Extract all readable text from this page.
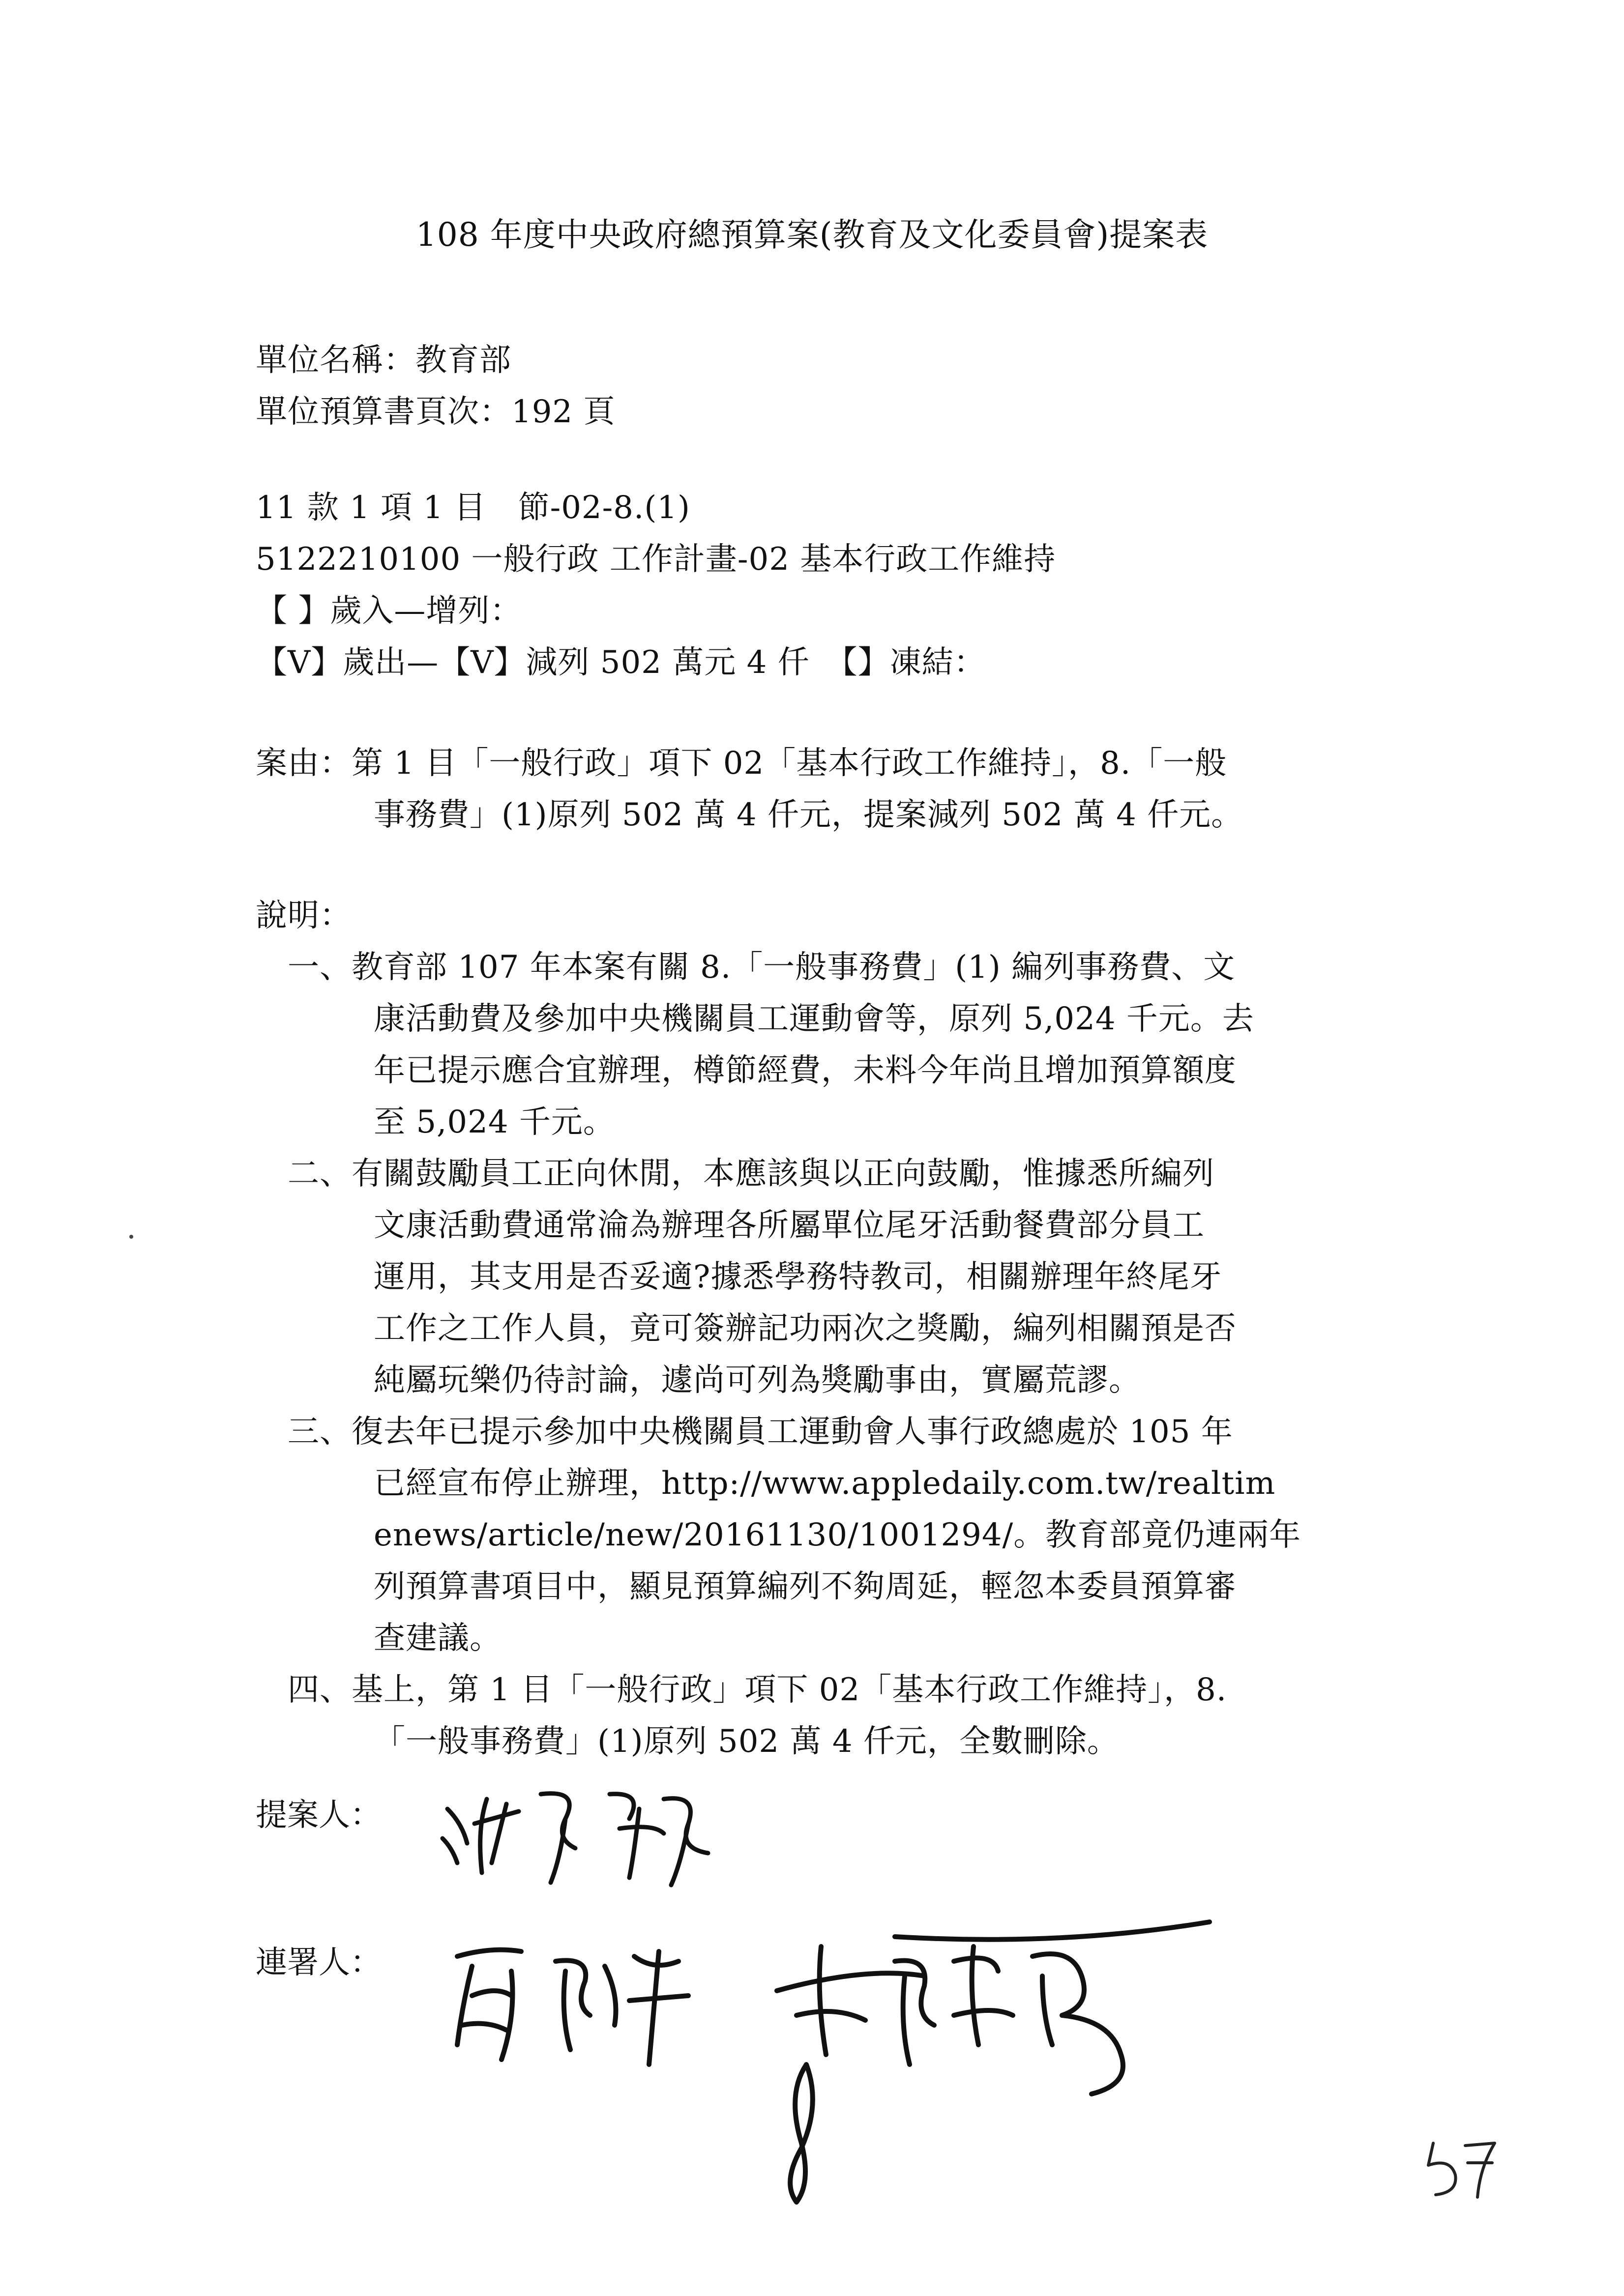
108 年度中央政府總預算案(教育及文化委員會)提案表
單位名稱：教育部
單位預算書頁次：192 頁
11 款 1 項 1 目　節-02-8.(1)
5122210100 一般行政 工作計畫-02 基本行政工作維持
【 】歲入—增列：
【V】歲出—【V】減列 502 萬元 4 仟　【】凍結：
案由：第 1 目「一般行政」項下 02「基本行政工作維持」，8.「一般
事務費」(1)原列 502 萬 4 仟元，提案減列 502 萬 4 仟元。
說明：
一、教育部 107 年本案有關 8.「一般事務費」(1) 編列事務費、文
康活動費及參加中央機關員工運動會等，原列 5,024 千元。去
年已提示應合宜辦理，樽節經費，未料今年尚且增加預算額度
至 5,024 千元。
二、有關鼓勵員工正向休閒，本應該與以正向鼓勵，惟據悉所編列
文康活動費通常淪為辦理各所屬單位尾牙活動餐費部分員工
運用，其支用是否妥適?據悉學務特教司，相關辦理年終尾牙
工作之工作人員，竟可簽辦記功兩次之獎勵，編列相關預是否
純屬玩樂仍待討論，遽尚可列為獎勵事由，實屬荒謬。
三、復去年已提示參加中央機關員工運動會人事行政總處於 105 年
已經宣布停止辦理，http://www.appledaily.com.tw/realtim
enews/article/new/20161130/1001294/。教育部竟仍連兩年
列預算書項目中，顯見預算編列不夠周延，輕忽本委員預算審
查建議。
四、基上，第 1 目「一般行政」項下 02「基本行政工作維持」，8.
「一般事務費」(1)原列 502 萬 4 仟元，全數刪除。
提案人：
連署人：
